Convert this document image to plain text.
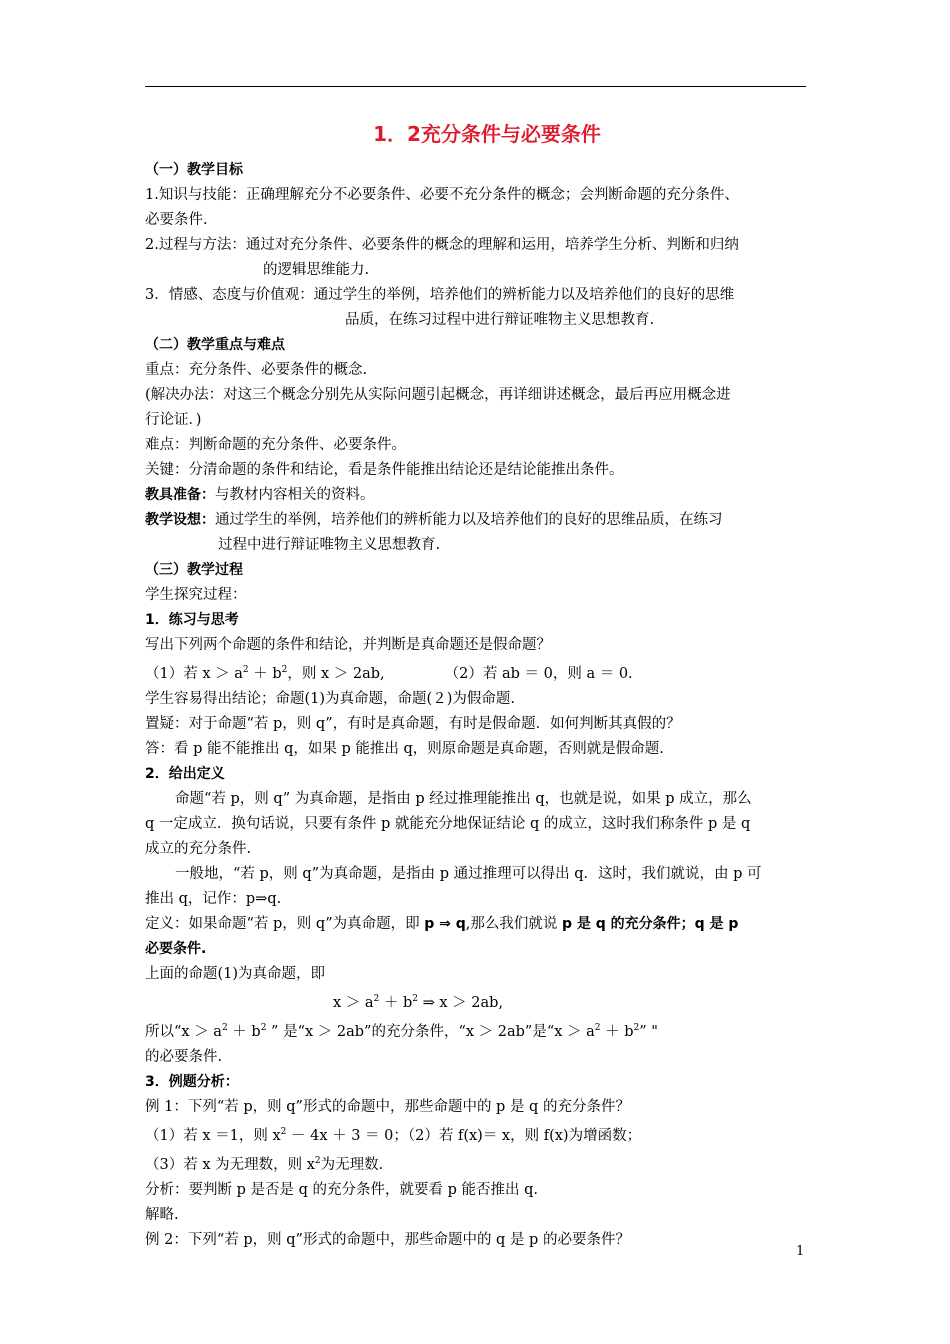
1．2充分条件与必要条件
（一）教学目标
1.知识与技能：正确理解充分不必要条件、必要不充分条件的概念；会判断命题的充分条件、
必要条件.
2.过程与方法：通过对充分条件、必要条件的概念的理解和运用，培养学生分析、判断和归纳
的逻辑思维能力.
3．情感、态度与价值观：通过学生的举例，培养他们的辨析能力以及培养他们的良好的思维
品质，在练习过程中进行辩证唯物主义思想教育.
（二）教学重点与难点
重点：充分条件、必要条件的概念.
(解决办法：对这三个概念分别先从实际问题引起概念，再详细讲述概念，最后再应用概念进
行论证．)
难点：判断命题的充分条件、必要条件。
关键：分清命题的条件和结论，看是条件能推出结论还是结论能推出条件。
教具准备：与教材内容相关的资料。
教学设想：通过学生的举例，培养他们的辨析能力以及培养他们的良好的思维品质，在练习
过程中进行辩证唯物主义思想教育.
（三）教学过程
学生探究过程：
1．练习与思考
写出下列两个命题的条件和结论，并判断是真命题还是假命题？
（1）若 $x > a^2 + b^2$，则 x ＞ 2ab,	（2）若 ab ＝ 0，则 a ＝ 0.
学生容易得出结论；命题(1)为真命题，命题(２)为假命题.
置疑：对于命题“若 p，则 q”，有时是真命题，有时是假命题．如何判断其真假的？
答：看 p 能不能推出 q，如果 p 能推出 q，则原命题是真命题，否则就是假命题.
2．给出定义
命题“若 p，则 q” 为真命题，是指由 p 经过推理能推出 q，也就是说，如果 p 成立，那么
q 一定成立．换句话说，只要有条件 p 就能充分地保证结论 q 的成立，这时我们称条件 p 是 q
成立的充分条件.
一般地，“若 p，则 q”为真命题，是指由 p 通过推理可以得出 q．这时，我们就说，由 p 可
推出 q，记作：p⇒q.
定义：如果命题“若 p，则 q”为真命题，即 p ⇒ q,那么我们就说 p 是 q 的充分条件；q 是 p
必要条件.
上面的命题(1)为真命题，即
$x > a^2 + b^2$ ⇒ x ＞ 2ab,
所以“$x > a^2 + b^2$ ” 是“x ＞ 2ab”的充分条件，“x ＞ 2ab”是“$x > a^2 + b^2$” "
的必要条件.
3．例题分析：
例 1：下列“若 p，则 q”形式的命题中，那些命题中的 p 是 q 的充分条件？
（1）若 x ＝1，则 $x^2 - 4x + 3 = 0$；（2）若 f(x)＝ x，则 f(x)为增函数；
（3）若 x 为无理数，则 $x^2$为无理数.
分析：要判断 p 是否是 q 的充分条件，就要看 p 能否推出 q.
解略.
例 2：下列“若 p，则 q”形式的命题中，那些命题中的 q 是 p 的必要条件？
1
